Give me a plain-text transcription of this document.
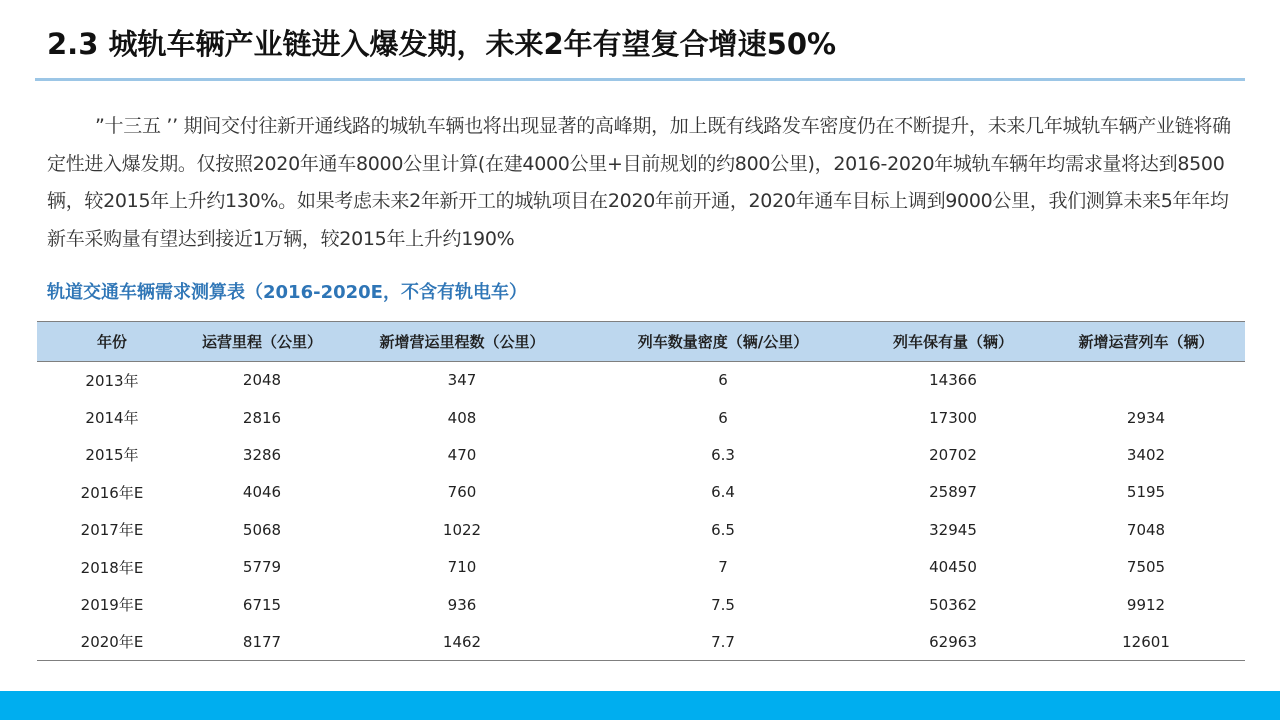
2.3 城轨车辆产业链进入爆发期，未来2年有望复合增速50%

”十三五 ’’ 期间交付往新开通线路的城轨车辆也将出现显著的高峰期，加上既有线路发车密度仍在不断提升，未来几年城轨车辆产业链将确定性进入爆发期。仅按照2020年通车8000公里计算(在建4000公里+目前规划的约800公里)，2016-2020年城轨车辆年均需求量将达到8500辆，较2015年上升约130%。如果考虑未来2年新开工的城轨项目在2020年前开通，2020年通车目标上调到9000公里，我们测算未来5年年均新车采购量有望达到接近1万辆，较2015年上升约190%

轨道交通车辆需求测算表（2016-2020E，不含有轨电车）

年份	运营里程（公里）	新增营运里程数（公里）	列车数量密度（辆/公里）	列车保有量（辆）	新增运营列车（辆）
2013年	2048	347	6	14366	
2014年	2816	408	6	17300	2934
2015年	3286	470	6.3	20702	3402
2016年E	4046	760	6.4	25897	5195
2017年E	5068	1022	6.5	32945	7048
2018年E	5779	710	7	40450	7505
2019年E	6715	936	7.5	50362	9912
2020年E	8177	1462	7.7	62963	12601
